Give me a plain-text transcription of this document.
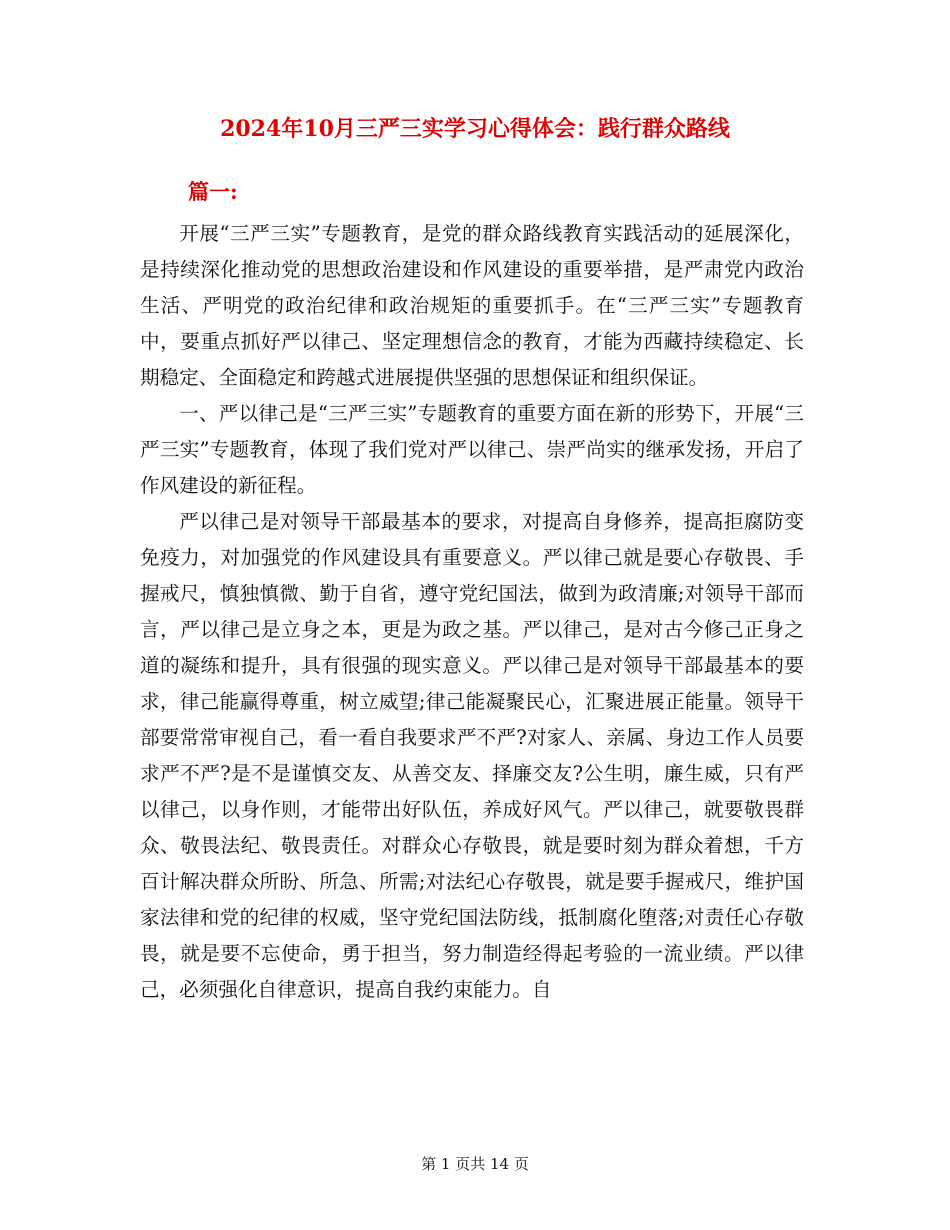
2024年10月三严三实学习心得体会：践行群众路线
篇一:

开展“三严三实”专题教育，是党的群众路线教育实践活动的延展深化，是持续深化推动党的思想政治建设和作风建设的重要举措，是严肃党内政治生活、严明党的政治纪律和政治规矩的重要抓手。在“三严三实”专题教育中，要重点抓好严以律己、坚定理想信念的教育，才能为西藏持续稳定、长期稳定、全面稳定和跨越式进展提供坚强的思想保证和组织保证。

一、严以律己是“三严三实”专题教育的重要方面在新的形势下，开展“三严三实”专题教育，体现了我们党对严以律己、崇严尚实的继承发扬，开启了作风建设的新征程。

严以律己是对领导干部最基本的要求，对提高自身修养，提高拒腐防变免疫力，对加强党的作风建设具有重要意义。严以律己就是要心存敬畏、手握戒尺，慎独慎微、勤于自省，遵守党纪国法，做到为政清廉;对领导干部而言，严以律己是立身之本，更是为政之基。严以律己，是对古今修己正身之道的凝练和提升，具有很强的现实意义。严以律己是对领导干部最基本的要求，律己能赢得尊重，树立威望;律己能凝聚民心，汇聚进展正能量。领导干部要常常审视自己，看一看自我要求严不严?对家人、亲属、身边工作人员要求严不严?是不是谨慎交友、从善交友、择廉交友?公生明，廉生威，只有严以律己，以身作则，才能带出好队伍，养成好风气。严以律己，就要敬畏群众、敬畏法纪、敬畏责任。对群众心存敬畏，就是要时刻为群众着想，千方百计解决群众所盼、所急、所需;对法纪心存敬畏，就是要手握戒尺，维护国家法律和党的纪律的权威，坚守党纪国法防线，抵制腐化堕落;对责任心存敬畏，就是要不忘使命，勇于担当，努力制造经得起考验的一流业绩。严以律己，必须强化自律意识，提高自我约束能力。自

第 1 页共 14 页
